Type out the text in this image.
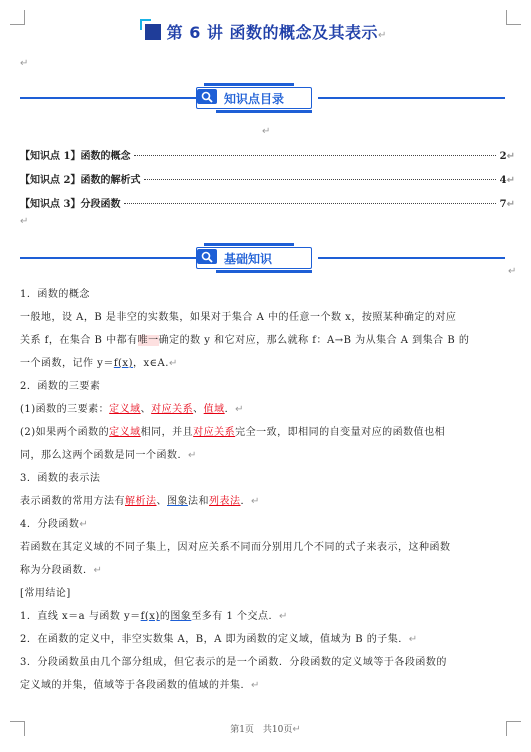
第 6 讲 函数的概念及其表示↵
↵
知识点目录
↵
【知识点 1】函数的概念	2 ↵
【知识点 2】函数的解析式	4 ↵
【知识点 3】分段函数	7 ↵
↵
基础知识
↵
1．函数的概念
一般地，设 A，B 是非空的实数集，如果对于集合 A 中的任意一个数 x，按照某种确定的对应
关系 f，在集合 B 中都有唯一确定的数 y 和它对应，那么就称 f：A→B 为从集合 A 到集合 B 的
一个函数，记作 y＝f(x)，x∈A.↵
2．函数的三要素
(1)函数的三要素：定义域、对应关系、值域．↵
(2)如果两个函数的定义域相同，并且对应关系完全一致，即相同的自变量对应的函数值也相
同，那么这两个函数是同一个函数．↵
3．函数的表示法
表示函数的常用方法有解析法、图象法和列表法．↵
4．分段函数↵
若函数在其定义域的不同子集上，因对应关系不同而分别用几个不同的式子来表示，这种函数
称为分段函数．↵
[常用结论]
1．直线 x＝a 与函数 y＝f(x)的图象至多有 1 个交点．↵
2．在函数的定义中，非空实数集 A，B，A 即为函数的定义域，值域为 B 的子集．↵
3．分段函数虽由几个部分组成，但它表示的是一个函数．分段函数的定义域等于各段函数的
定义域的并集，值域等于各段函数的值域的并集．↵
第1页　共10页↵
